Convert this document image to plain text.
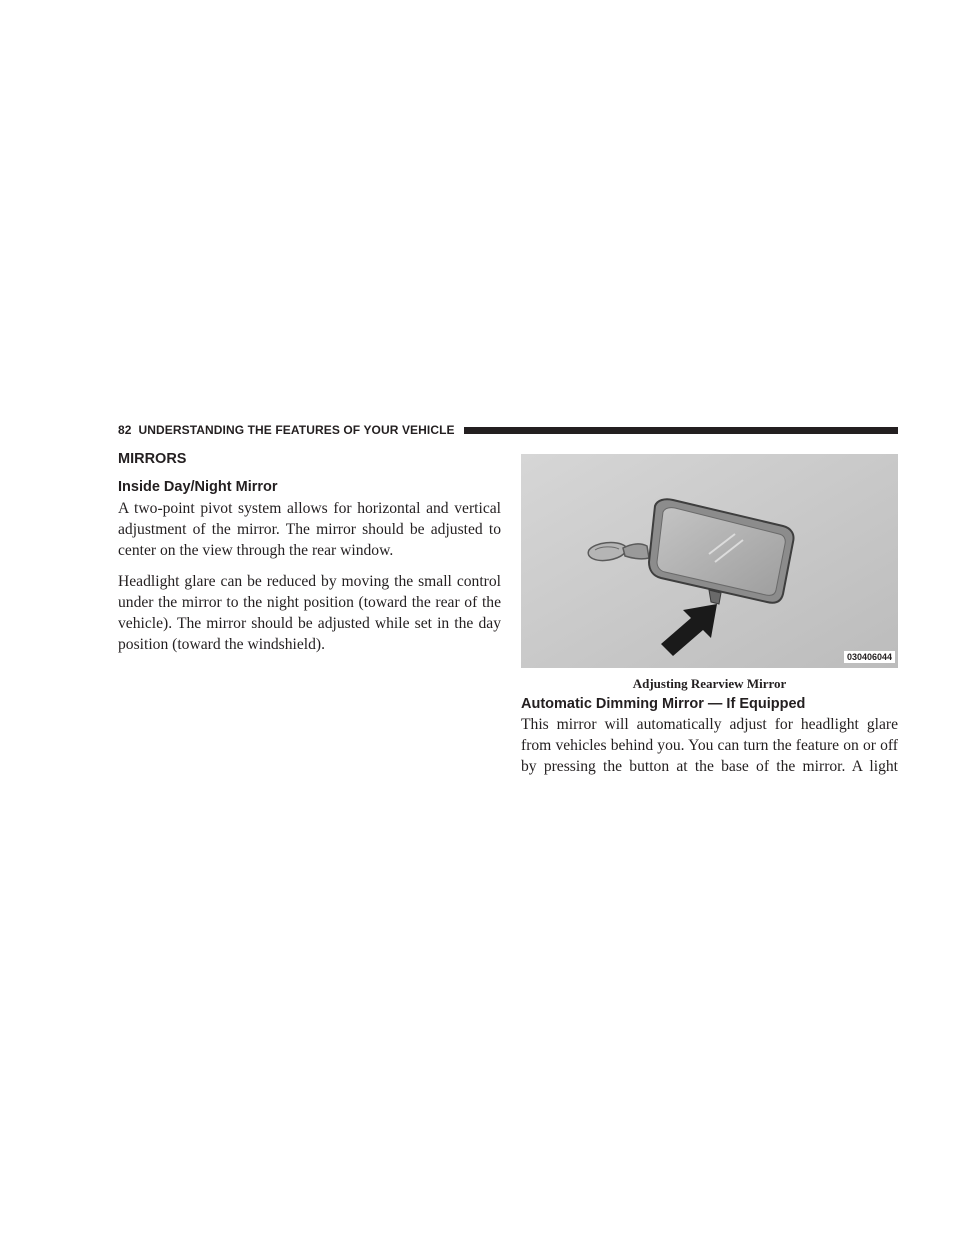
82 UNDERSTANDING THE FEATURES OF YOUR VEHICLE
MIRRORS
Inside Day/Night Mirror

A two-point pivot system allows for horizontal and vertical adjustment of the mirror. The mirror should be adjusted to center on the view through the rear window.

Headlight glare can be reduced by moving the small control under the mirror to the night position (toward the rear of the vehicle). The mirror should be adjusted while set in the day position (toward the windshield).

030406044
Adjusting Rearview Mirror
Automatic Dimming Mirror — If Equipped

This mirror will automatically adjust for headlight glare from vehicles behind you. You can turn the feature on or off by pressing the button at the base of the mirror. A light
